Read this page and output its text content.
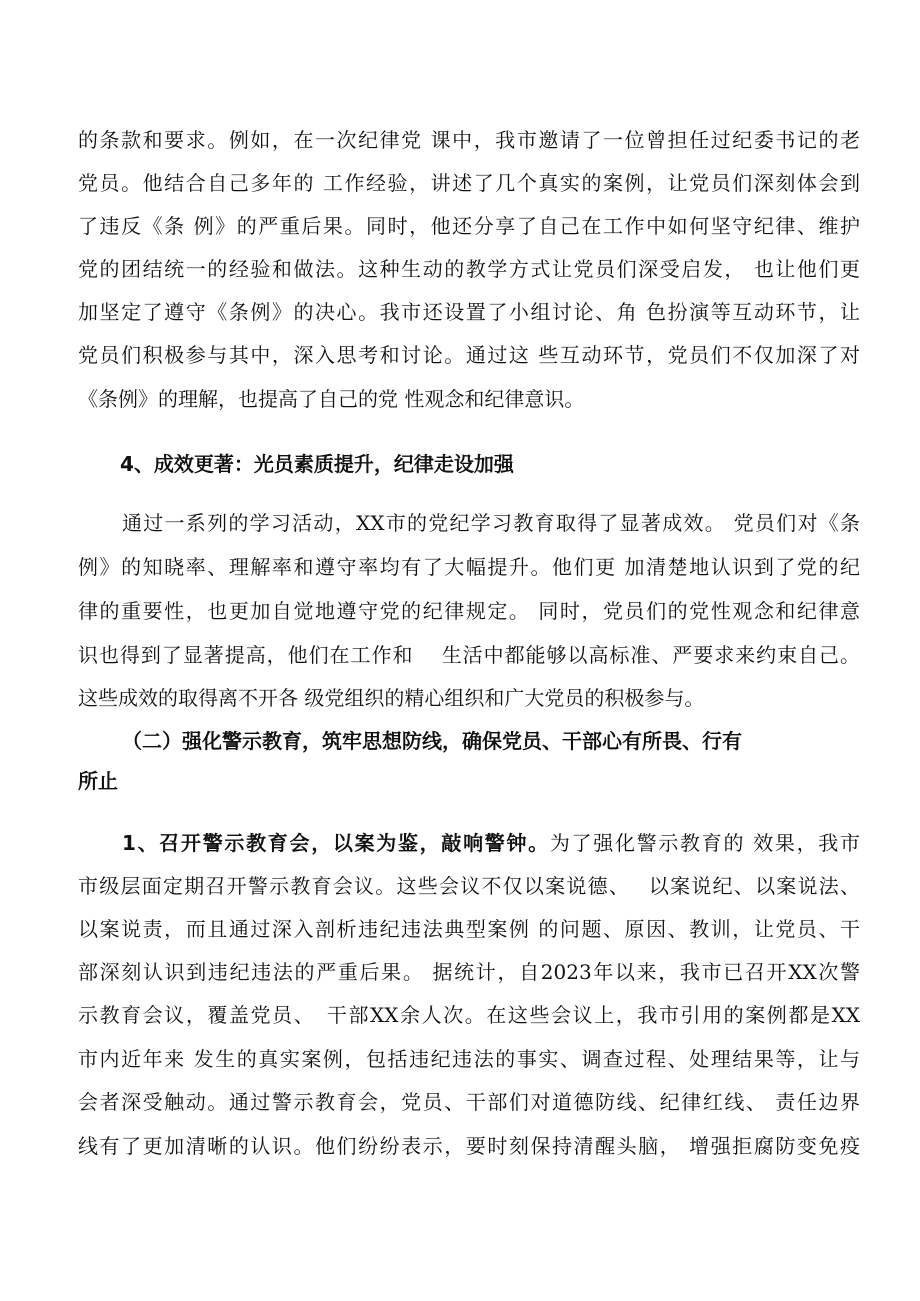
的条款和要求。例如，在一次纪律党 课中，我市邀请了一位曾担任过纪委书记的老
党员。他结合自己多年的 工作经验，讲述了几个真实的案例，让党员们深刻体会到
了违反《条 例》的严重后果。同时，他还分享了自己在工作中如何坚守纪律、维护
党的团结统一的经验和做法。这种生动的教学方式让党员们深受启发， 也让他们更
加坚定了遵守《条例》的决心。我市还设置了小组讨论、角 色扮演等互动环节，让
党员们积极参与其中，深入思考和讨论。通过这 些互动环节，党员们不仅加深了对
《条例》的理解，也提高了自己的党 性观念和纪律意识。
4、成效更著：光员素质提升，纪律走设加强
通过一系列的学习活动，XX市的党纪学习教育取得了显著成效。 党员们对《条
例》的知晓率、理解率和遵守率均有了大幅提升。他们更 加清楚地认识到了党的纪
律的重要性，也更加自觉地遵守党的纪律规定。 同时，党员们的党性观念和纪律意
识也得到了显著提高，他们在工作和　 生活中都能够以高标准、严要求来约束自己。
这些成效的取得离不开各 级党组织的精心组织和广大党员的积极参与。
（二）强化警示教育，筑牢思想防线，确保党员、干部心有所畏、行有
所止
1、召开警示教育会，以案为鉴，敲响警钟。为了强化警示教育的 效果，我市
市级层面定期召开警示教育会议。这些会议不仅以案说德、　 以案说纪、以案说法、
以案说责，而且通过深入剖析违纪违法典型案例 的问题、原因、教训，让党员、干
部深刻认识到违纪违法的严重后果。 据统计，自2023年以来，我市已召开XX次警
示教育会议，覆盖党员、　干部XX余人次。在这些会议上，我市引用的案例都是XX
市内近年来 发生的真实案例，包括违纪违法的事实、调查过程、处理结果等，让与
会者深受触动。通过警示教育会，党员、干部们对道德防线、纪律红线、 责任边界
线有了更加清晰的认识。他们纷纷表示，要时刻保持清醒头脑， 增强拒腐防变免疫
